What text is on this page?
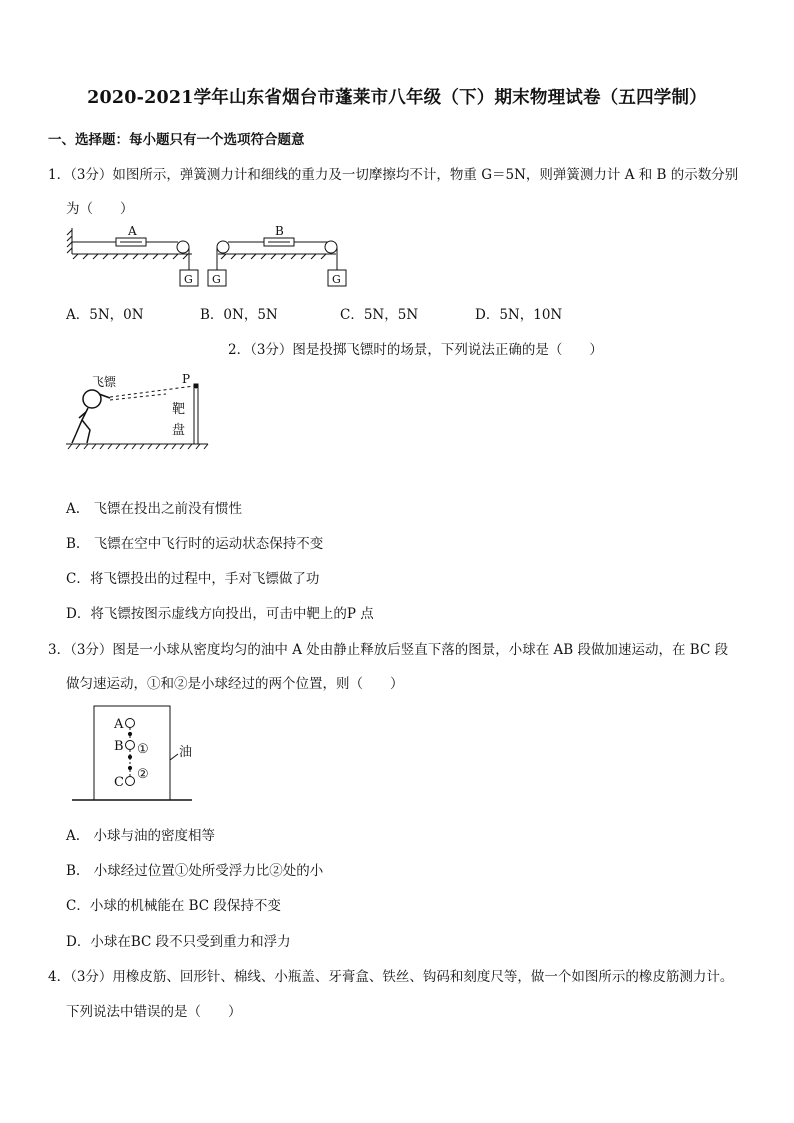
2020-2021学年山东省烟台市蓬莱市八年级（下）期末物理试卷（五四学制）
一、选择题：每小题只有一个选项符合题意
1．（3分）如图所示，弹簧测力计和细线的重力及一切摩擦均不计，物重 G＝5N，则弹簧测力计 A 和 B 的示数分别
为（　　）
A
G
B
G	G
A．5N，0N	B．0N，5N	C．5N，5N	D．5N，10N
2．（3分）图是投掷飞镖时的场景，下列说法正确的是（　　）
飞镖	P
靶
盘
A.　飞镖在投出之前没有惯性
B.　飞镖在空中飞行时的运动状态保持不变
C．将飞镖投出的过程中，手对飞镖做了功
D．将飞镖按图示虚线方向投出，可击中靶上的P 点
3．（3分）图是一小球从密度均匀的油中 A 处由静止释放后竖直下落的图景，小球在 AB 段做加速运动，在 BC 段
做匀速运动，①和②是小球经过的两个位置，则（　　）
A
B
C
①
②
油
A.　小球与油的密度相等
B.　小球经过位置①处所受浮力比②处的小
C．小球的机械能在 BC 段保持不变
D．小球在BC 段不只受到重力和浮力
4．（3分）用橡皮筋、回形针、棉线、小瓶盖、牙膏盒、铁丝、钩码和刻度尺等，做一个如图所示的橡皮筋测力计。
下列说法中错误的是（　　）
